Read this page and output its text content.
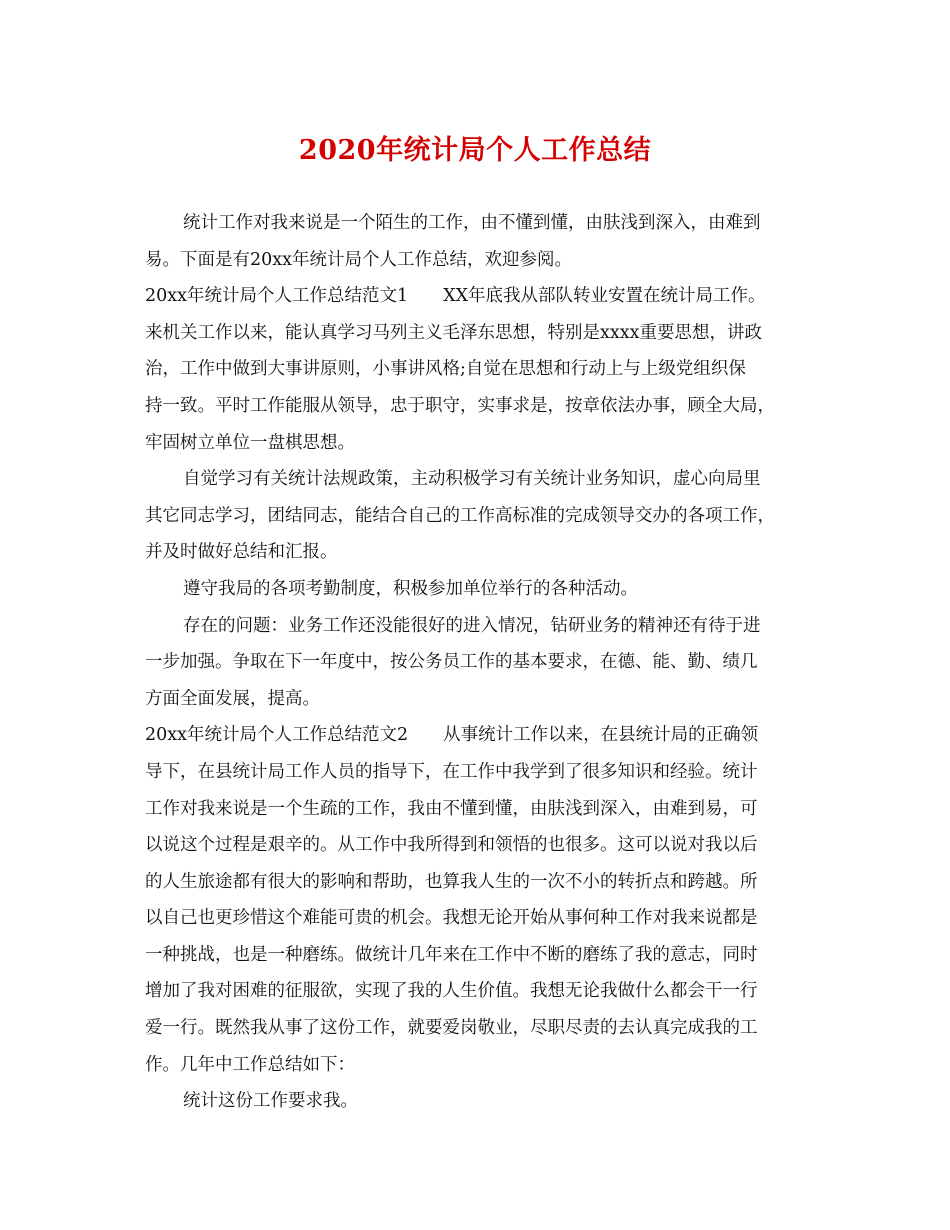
2020年统计局个人工作总结
统计工作对我来说是一个陌生的工作，由不懂到懂，由肤浅到深入，由难到
易。下面是有20xx年统计局个人工作总结，欢迎参阅。
20xx年统计局个人工作总结范文1　　XX年底我从部队转业安置在统计局工作。
来机关工作以来，能认真学习马列主义毛泽东思想，特别是xxxx重要思想，讲政
治，工作中做到大事讲原则，小事讲风格;自觉在思想和行动上与上级党组织保
持一致。平时工作能服从领导，忠于职守，实事求是，按章依法办事，顾全大局，
牢固树立单位一盘棋思想。
自觉学习有关统计法规政策，主动积极学习有关统计业务知识，虚心向局里
其它同志学习，团结同志，能结合自己的工作高标准的完成领导交办的各项工作，
并及时做好总结和汇报。
遵守我局的各项考勤制度，积极参加单位举行的各种活动。
存在的问题：业务工作还没能很好的进入情况，钻研业务的精神还有待于进
一步加强。争取在下一年度中，按公务员工作的基本要求，在德、能、勤、绩几
方面全面发展，提高。
20xx年统计局个人工作总结范文2　　从事统计工作以来，在县统计局的正确领
导下，在县统计局工作人员的指导下，在工作中我学到了很多知识和经验。统计
工作对我来说是一个生疏的工作，我由不懂到懂，由肤浅到深入，由难到易，可
以说这个过程是艰辛的。从工作中我所得到和领悟的也很多。这可以说对我以后
的人生旅途都有很大的影响和帮助，也算我人生的一次不小的转折点和跨越。所
以自己也更珍惜这个难能可贵的机会。我想无论开始从事何种工作对我来说都是
一种挑战，也是一种磨练。做统计几年来在工作中不断的磨练了我的意志，同时
增加了我对困难的征服欲，实现了我的人生价值。我想无论我做什么都会干一行
爱一行。既然我从事了这份工作，就要爱岗敬业，尽职尽责的去认真完成我的工
作。几年中工作总结如下：
统计这份工作要求我。
